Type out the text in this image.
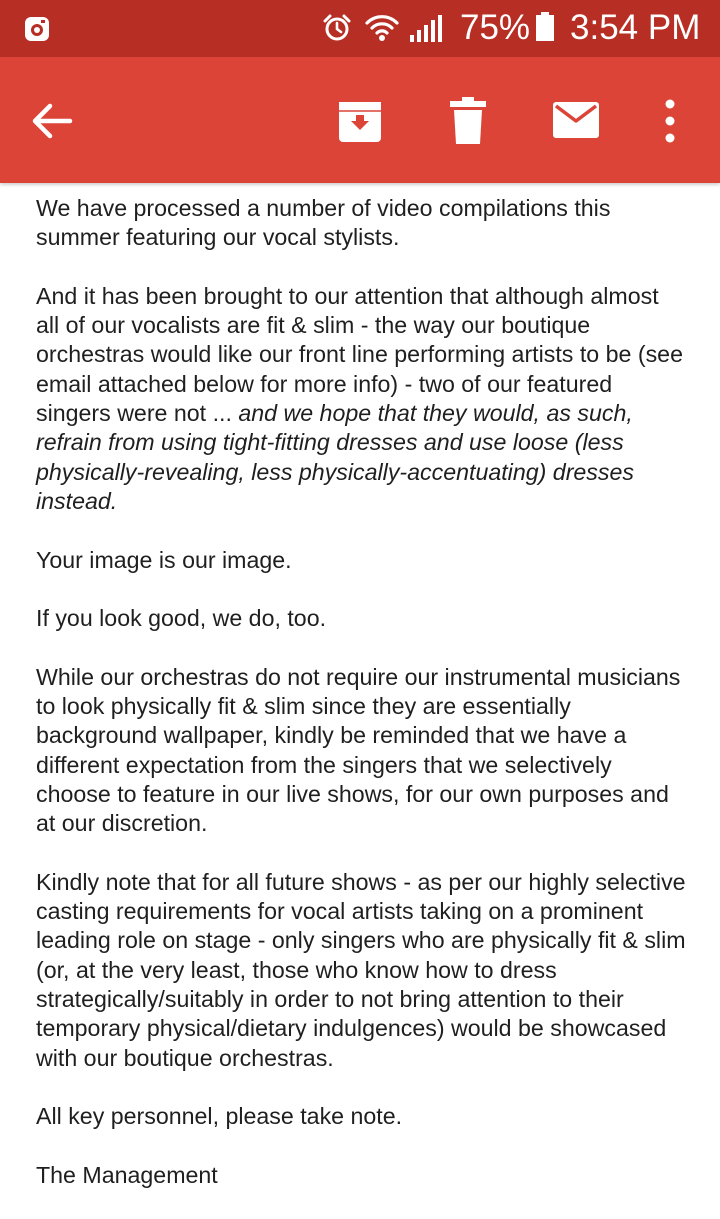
75% 3:54 PM

We have processed a number of video compilations this summer featuring our vocal stylists.

And it has been brought to our attention that although almost all of our vocalists are fit & slim - the way our boutique orchestras would like our front line performing artists to be (see email attached below for more info) - two of our featured singers were not ... and we hope that they would, as such, refrain from using tight-fitting dresses and use loose (less physically-revealing, less physically-accentuating) dresses instead.

Your image is our image.

If you look good, we do, too.

While our orchestras do not require our instrumental musicians to look physically fit & slim since they are essentially background wallpaper, kindly be reminded that we have a different expectation from the singers that we selectively choose to feature in our live shows, for our own purposes and at our discretion.

Kindly note that for all future shows - as per our highly selective casting requirements for vocal artists taking on a prominent leading role on stage - only singers who are physically fit & slim (or, at the very least, those who know how to dress strategically/suitably in order to not bring attention to their temporary physical/dietary indulgences) would be showcased with our boutique orchestras.

All key personnel, please take note.

The Management
